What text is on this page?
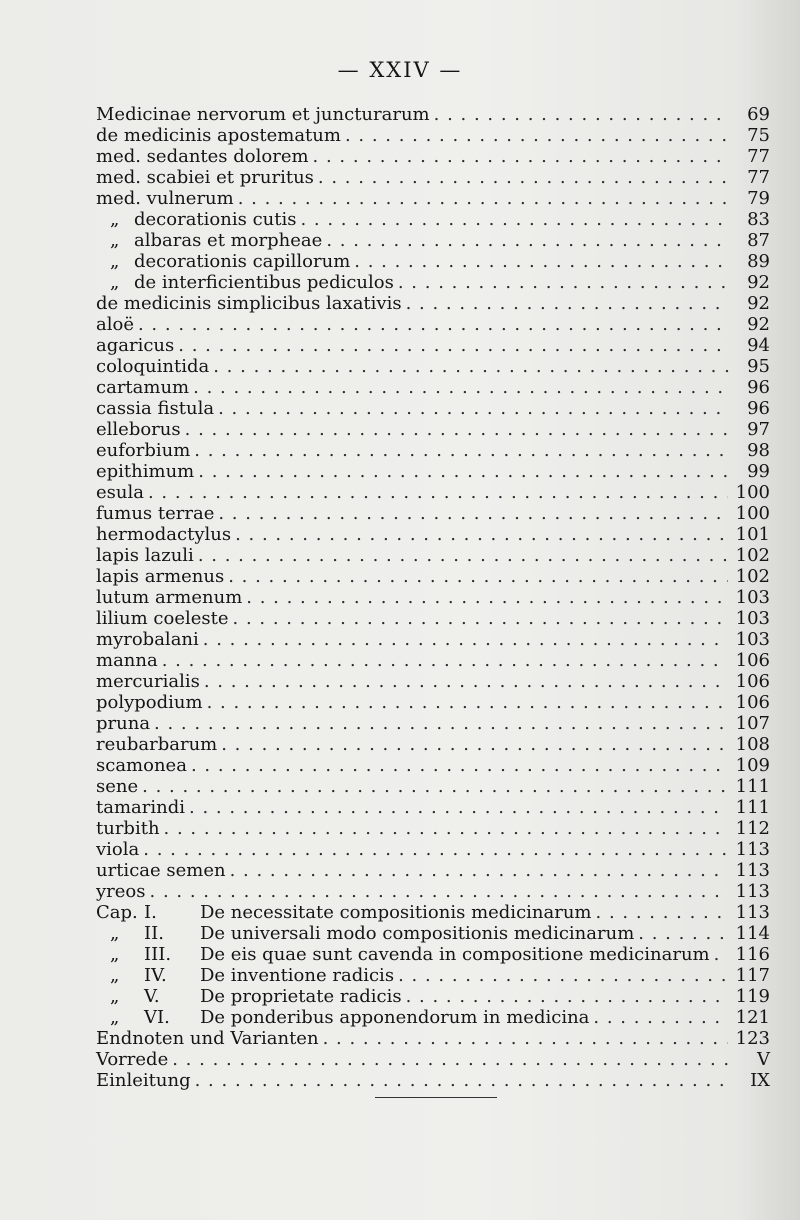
— XXIV —
Medicinae nervorum et juncturarum . . .	69
de medicinis apostematum . . .	75
med. sedantes dolorem . . .	77
med. scabiei et pruritus . . .	77
med. vulnerum . . .	79
„ decorationis cutis . . .	83
„ albaras et morpheae . . .	87
„ decorationis capillorum . . .	89
„ de interficientibus pediculos . . .	92
de medicinis simplicibus laxativis . . .	92
aloë . . .	92
agaricus . . .	94
coloquintida . . .	95
cartamum . . .	96
cassia fistula . . .	96
elleborus . . .	97
euforbium . . .	98
epithimum . . .	99
esula . . .	100
fumus terrae . . .	100
hermodactylus . . .	101
lapis lazuli . . .	102
lapis armenus . . .	102
lutum armenum . . .	103
lilium coeleste . . .	103
myrobalani . . .	103
manna . . .	106
mercurialis . . .	106
polypodium . . .	106
pruna . . .	107
reubarbarum . . .	108
scamonea . . .	109
sene . . .	111
tamarindi . . .	111
turbith . . .	112
viola . . .	113
urticae semen . . .	113
yreos . . .	113
Cap. I. De necessitate compositionis medicinarum . . .	113
„ II. De universali modo compositionis medicinarum . . .	114
„ III. De eis quae sunt cavenda in compositione medicinarum . . . 116
„ IV. De inventione radicis . . .	117
„ V. De proprietate radicis . . .	119
„ VI. De ponderibus apponendorum in medicina . . .	121
Endnoten und Varianten . . .	123
Vorrede . . .	V
Einleitung . . .	IX
